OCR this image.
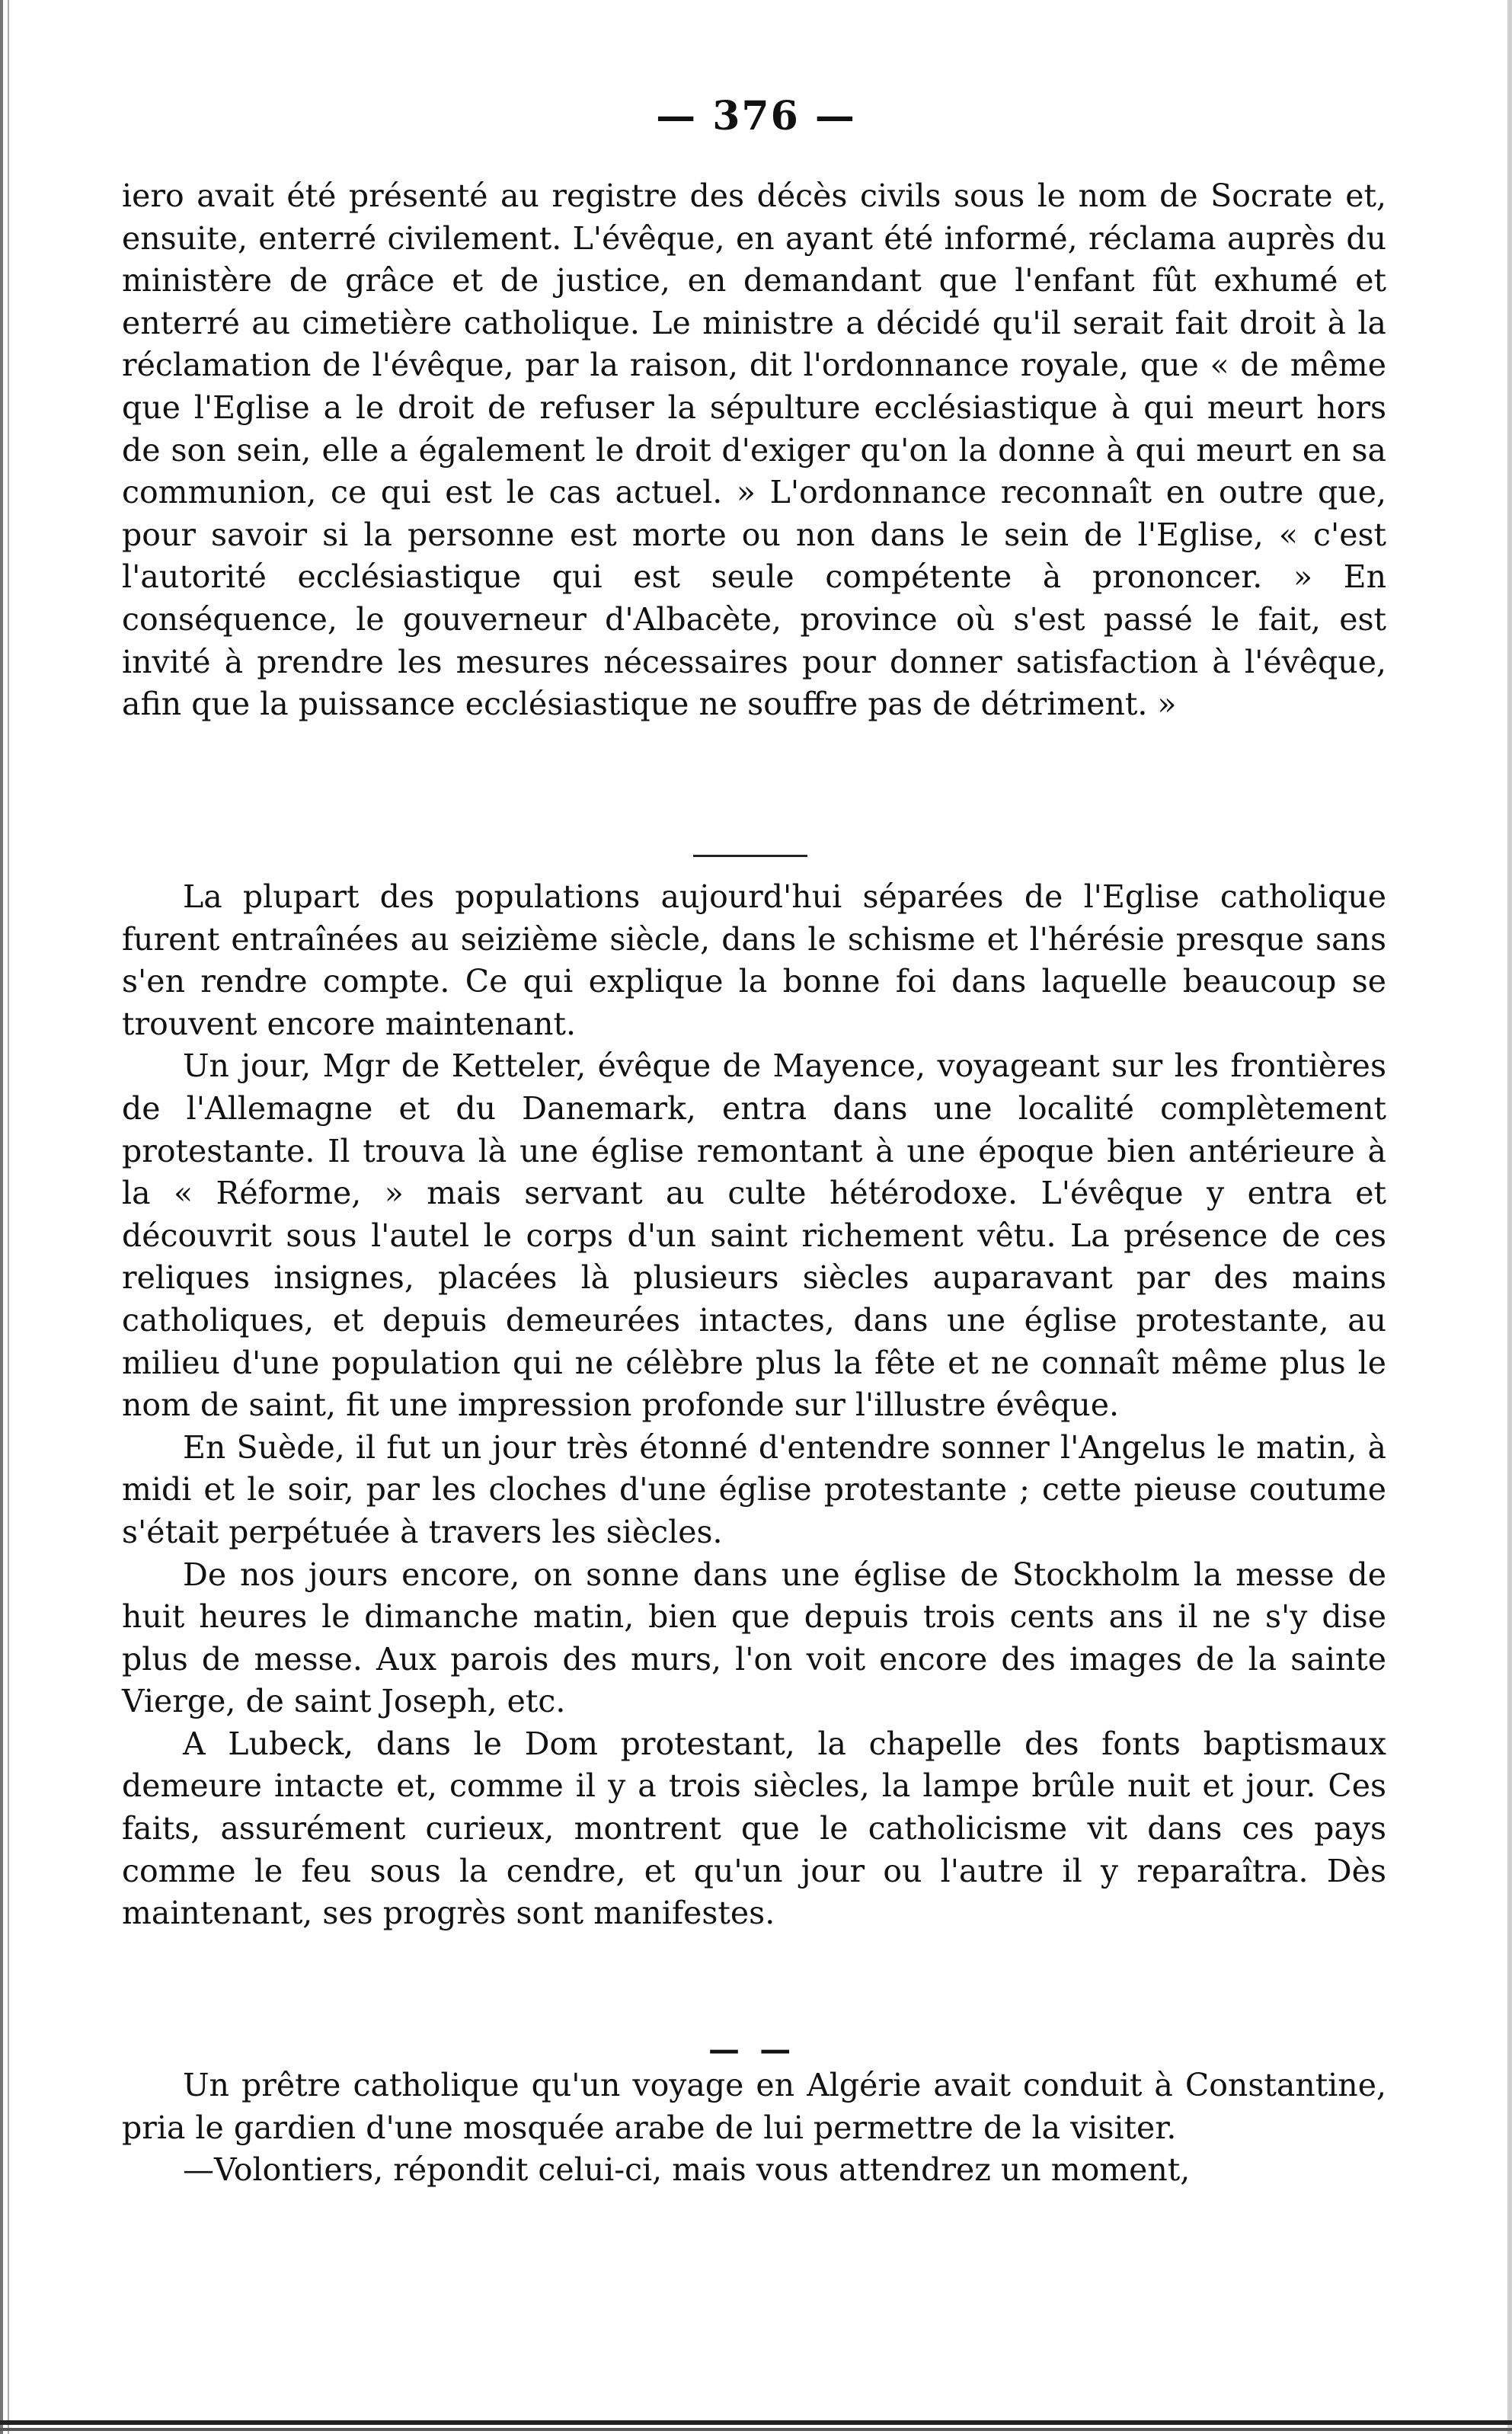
— 376 —

iero avait été présenté au registre des décès civils sous le nom de Socrate et, ensuite, enterré civilement. L'évêque, en ayant été informé, réclama auprès du ministère de grâce et de justice, en demandant que l'enfant fût exhumé et enterré au cimetière catholique. Le ministre a décidé qu'il serait fait droit à la réclamation de l'évêque, par la raison, dit l'ordonnance royale, que « de même que l'Eglise a le droit de refuser la sépulture ecclésiastique à qui meurt hors de son sein, elle a également le droit d'exiger qu'on la donne à qui meurt en sa communion, ce qui est le cas actuel. » L'ordonnance reconnaît en outre que, pour savoir si la personne est morte ou non dans le sein de l'Eglise, « c'est l'autorité ecclésiastique qui est seule compétente à prononcer. » En conséquence, le gouverneur d'Albacète, province où s'est passé le fait, est invité à prendre les mesures nécessaires pour donner satisfaction à l'évêque, afin que la puissance ecclésiastique ne souffre pas de détriment. »

La plupart des populations aujourd'hui séparées de l'Eglise catholique furent entraînées au seizième siècle, dans le schisme et l'hérésie presque sans s'en rendre compte. Ce qui explique la bonne foi dans laquelle beaucoup se trouvent encore maintenant.

Un jour, Mgr de Ketteler, évêque de Mayence, voyageant sur les frontières de l'Allemagne et du Danemark, entra dans une localité complètement protestante. Il trouva là une église remontant à une époque bien antérieure à la « Réforme, » mais servant au culte hétérodoxe. L'évêque y entra et découvrit sous l'autel le corps d'un saint richement vêtu. La présence de ces reliques insignes, placées là plusieurs siècles auparavant par des mains catholiques, et depuis demeurées intactes, dans une église protestante, au milieu d'une population qui ne célèbre plus la fête et ne connaît même plus le nom de saint, fit une impression profonde sur l'illustre évêque.

En Suède, il fut un jour très étonné d'entendre sonner l'Angelus le matin, à midi et le soir, par les cloches d'une église protestante ; cette pieuse coutume s'était perpétuée à travers les siècles.

De nos jours encore, on sonne dans une église de Stockholm la messe de huit heures le dimanche matin, bien que depuis trois cents ans il ne s'y dise plus de messe. Aux parois des murs, l'on voit encore des images de la sainte Vierge, de saint Joseph, etc.

A Lubeck, dans le Dom protestant, la chapelle des fonts baptismaux demeure intacte et, comme il y a trois siècles, la lampe brûle nuit et jour. Ces faits, assurément curieux, montrent que le catholicisme vit dans ces pays comme le feu sous la cendre, et qu'un jour ou l'autre il y reparaîtra. Dès maintenant, ses progrès sont manifestes.

— —

Un prêtre catholique qu'un voyage en Algérie avait conduit à Constantine, pria le gardien d'une mosquée arabe de lui permettre de la visiter.

—Volontiers, répondit celui-ci, mais vous attendrez un moment,
